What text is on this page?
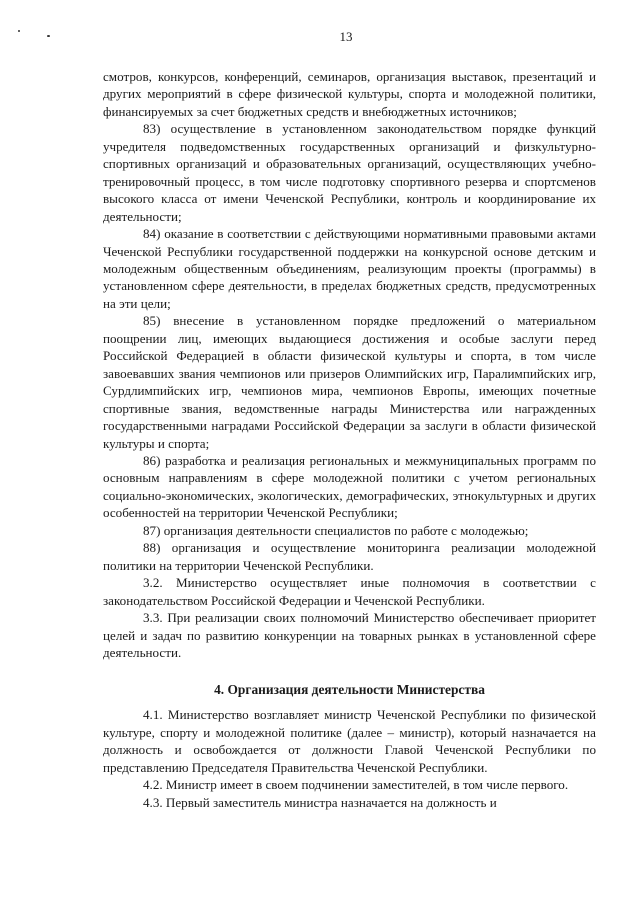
13

смотров, конкурсов, конференций, семинаров, организация выставок, презентаций и других мероприятий в сфере физической культуры, спорта и молодежной политики, финансируемых за счет бюджетных средств и внебюджетных источников;

83) осуществление в установленном законодательством порядке функций учредителя подведомственных государственных организаций и физкультурно-спортивных организаций и образовательных организаций, осуществляющих учебно-тренировочный процесс, в том числе подготовку спортивного резерва и спортсменов высокого класса от имени Чеченской Республики, контроль и координирование их деятельности;

84) оказание в соответствии с действующими нормативными правовыми актами Чеченской Республики государственной поддержки на конкурсной основе детским и молодежным общественным объединениям, реализующим проекты (программы) в установленном сфере деятельности, в пределах бюджетных средств, предусмотренных на эти цели;

85) внесение в установленном порядке предложений о материальном поощрении лиц, имеющих выдающиеся достижения и особые заслуги перед Российской Федерацией в области физической культуры и спорта, в том числе завоевавших звания чемпионов или призеров Олимпийских игр, Паралимпийских игр, Сурдлимпийских игр, чемпионов мира, чемпионов Европы, имеющих почетные спортивные звания, ведомственные награды Министерства или награжденных государственными наградами Российской Федерации за заслуги в области физической культуры и спорта;

86) разработка и реализация региональных и межмуниципальных программ по основным направлениям в сфере молодежной политики с учетом региональных социально-экономических, экологических, демографических, этнокультурных и других особенностей на территории Чеченской Республики;

87) организация деятельности специалистов по работе с молодежью;

88) организация и осуществление мониторинга реализации молодежной политики на территории Чеченской Республики.

3.2. Министерство осуществляет иные полномочия в соответствии с законодательством Российской Федерации и Чеченской Республики.

3.3. При реализации своих полномочий Министерство обеспечивает приоритет целей и задач по развитию конкуренции на товарных рынках в установленной сфере деятельности.

4. Организация деятельности Министерства

4.1. Министерство возглавляет министр Чеченской Республики по физической культуре, спорту и молодежной политике (далее – министр), который назначается на должность и освобождается от должности Главой Чеченской Республики по представлению Председателя Правительства Чеченской Республики.

4.2. Министр имеет в своем подчинении заместителей, в том числе первого.

4.3. Первый заместитель министра назначается на должность и
